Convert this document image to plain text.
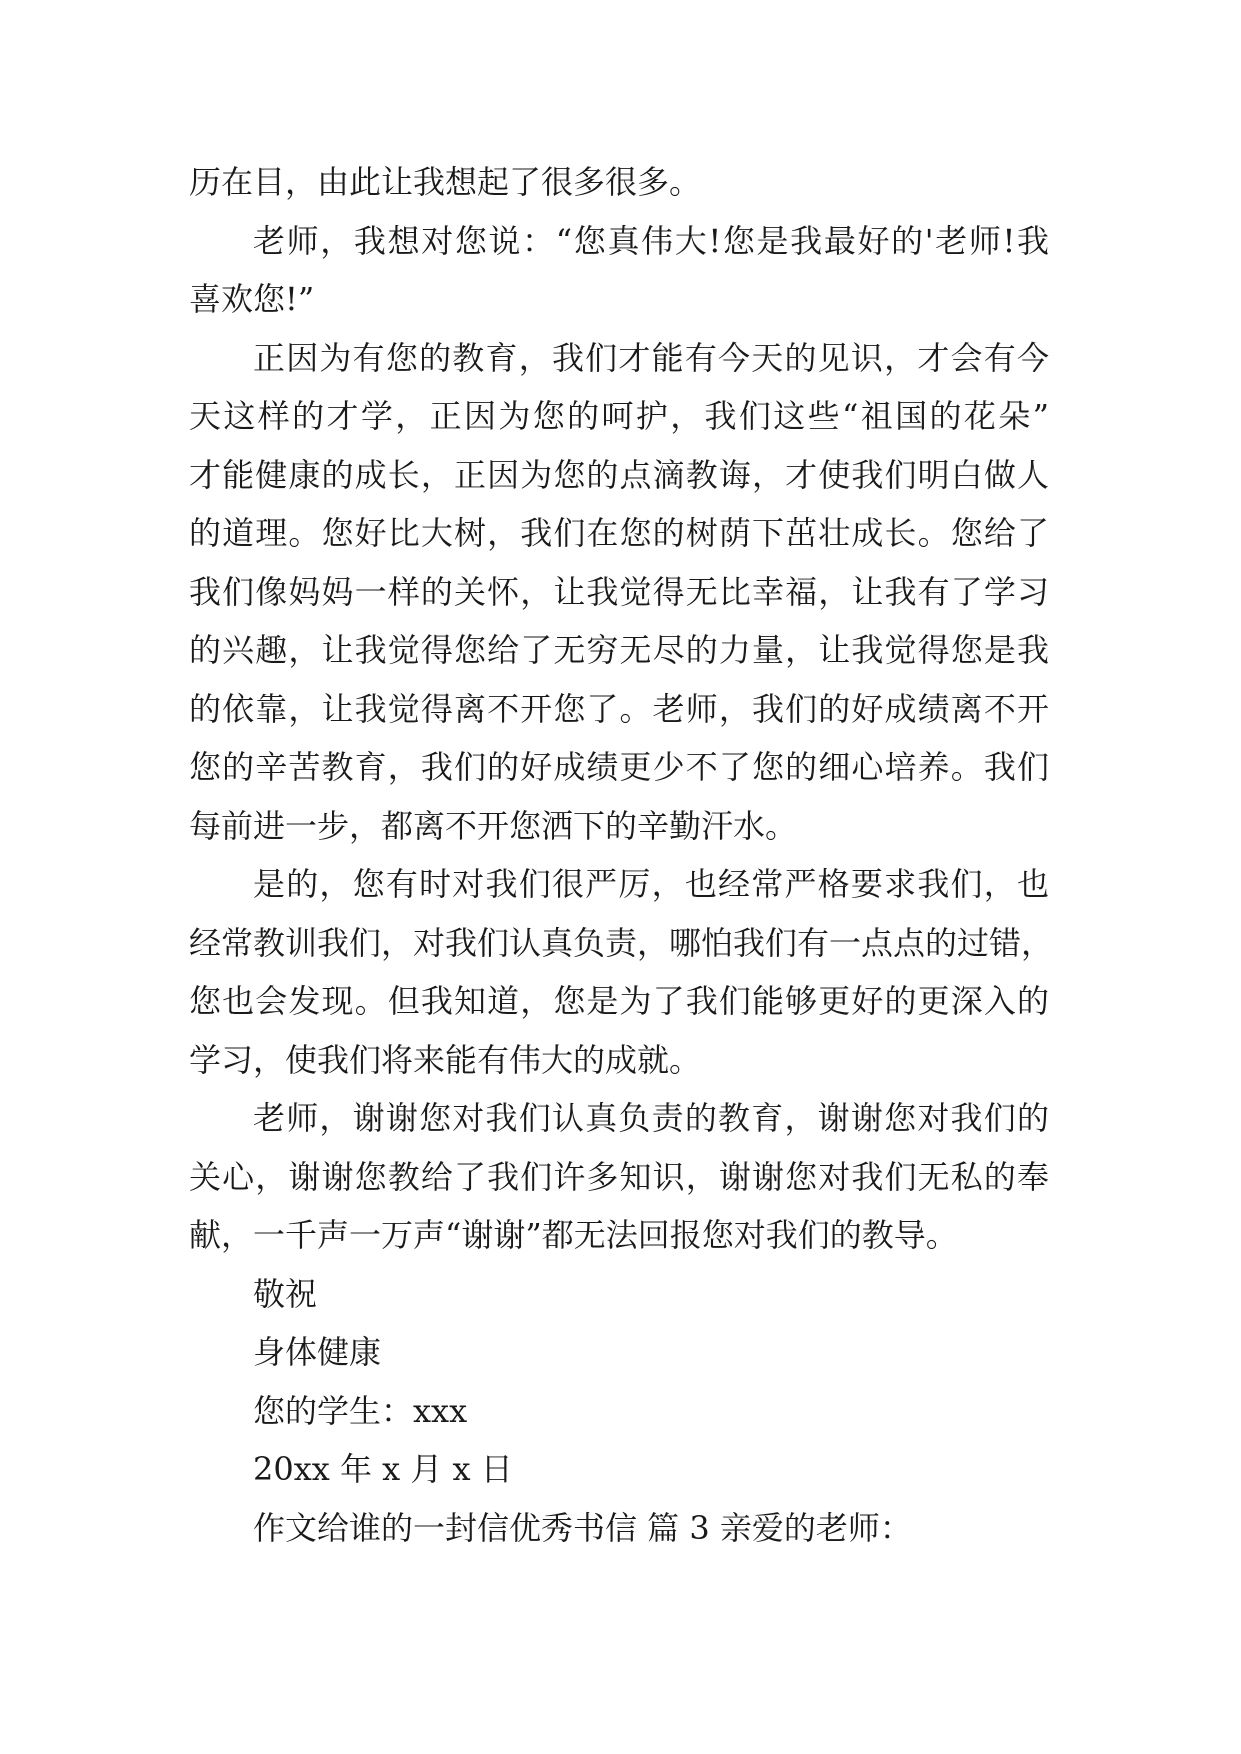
历在目，由此让我想起了很多很多。
老师，我想对您说：“您真伟大!您是我最好的'老师!我
喜欢您!”
正因为有您的教育，我们才能有今天的见识，才会有今
天这样的才学，正因为您的呵护，我们这些“祖国的花朵”
才能健康的成长，正因为您的点滴教诲，才使我们明白做人
的道理。您好比大树，我们在您的树荫下茁壮成长。您给了
我们像妈妈一样的关怀，让我觉得无比幸福，让我有了学习
的兴趣，让我觉得您给了无穷无尽的力量，让我觉得您是我
的依靠，让我觉得离不开您了。老师，我们的好成绩离不开
您的辛苦教育，我们的好成绩更少不了您的细心培养。我们
每前进一步，都离不开您洒下的辛勤汗水。
是的，您有时对我们很严厉，也经常严格要求我们，也
经常教训我们，对我们认真负责，哪怕我们有一点点的过错，
您也会发现。但我知道，您是为了我们能够更好的更深入的
学习，使我们将来能有伟大的成就。
老师，谢谢您对我们认真负责的教育，谢谢您对我们的
关心，谢谢您教给了我们许多知识，谢谢您对我们无私的奉
献，一千声一万声“谢谢”都无法回报您对我们的教导。
敬祝
身体健康
您的学生：xxx
20xx 年 x 月 x 日
作文给谁的一封信优秀书信 篇 3 亲爱的老师：
